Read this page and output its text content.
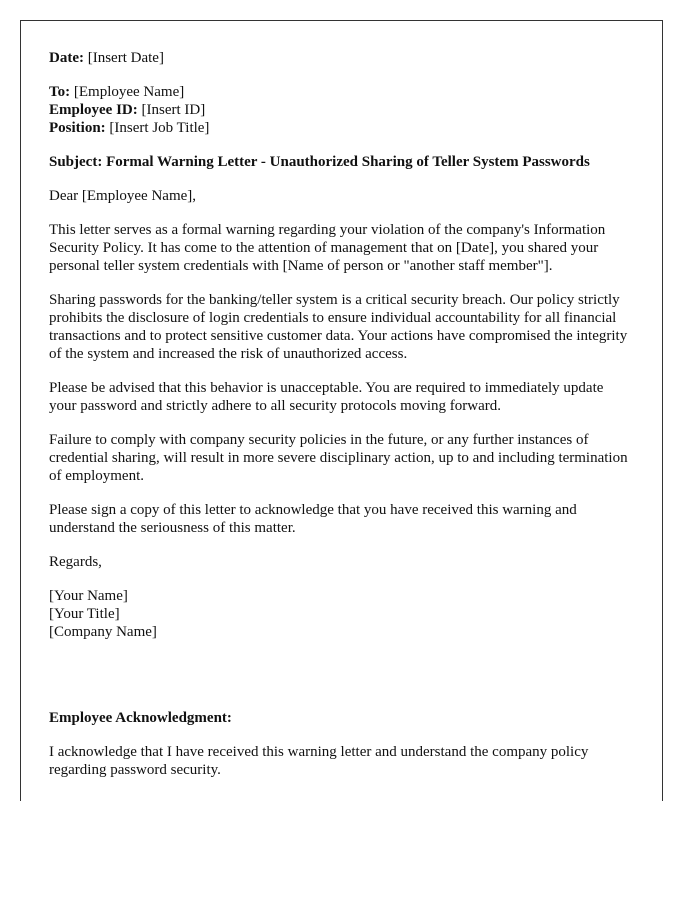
Date: [Insert Date]

To: [Employee Name]
Employee ID: [Insert ID]
Position: [Insert Job Title]

Subject: Formal Warning Letter - Unauthorized Sharing of Teller System Passwords

Dear [Employee Name],

This letter serves as a formal warning regarding your violation of the company's Information Security Policy. It has come to the attention of management that on [Date], you shared your personal teller system credentials with [Name of person or "another staff member"].

Sharing passwords for the banking/teller system is a critical security breach. Our policy strictly prohibits the disclosure of login credentials to ensure individual accountability for all financial transactions and to protect sensitive customer data. Your actions have compromised the integrity of the system and increased the risk of unauthorized access.

Please be advised that this behavior is unacceptable. You are required to immediately update your password and strictly adhere to all security protocols moving forward.

Failure to comply with company security policies in the future, or any further instances of credential sharing, will result in more severe disciplinary action, up to and including termination of employment.

Please sign a copy of this letter to acknowledge that you have received this warning and understand the seriousness of this matter.

Regards,

[Your Name]
[Your Title]
[Company Name]

Employee Acknowledgment:

I acknowledge that I have received this warning letter and understand the company policy regarding password security.
